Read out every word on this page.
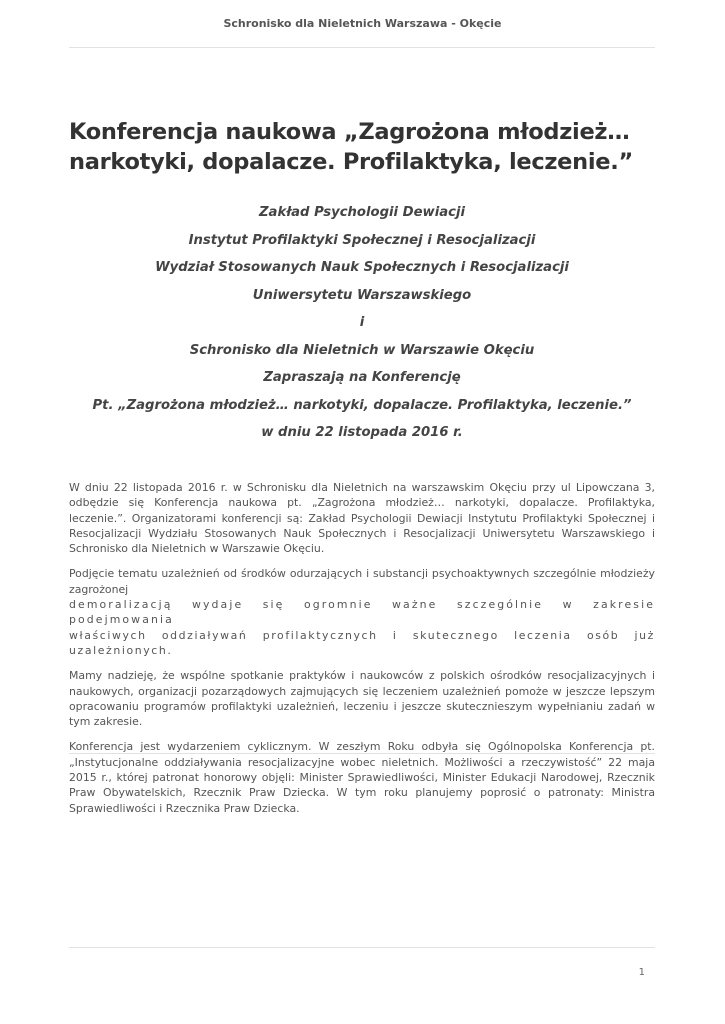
Schronisko dla Nieletnich Warszawa - Okęcie
Konferencja naukowa „Zagrożona młodzież…
narkotyki, dopalacze. Profilaktyka, leczenie.”
Zakład Psychologii Dewiacji
Instytut Profilaktyki Społecznej i Resocjalizacji
Wydział Stosowanych Nauk Społecznych i Resocjalizacji
Uniwersytetu Warszawskiego
i
Schronisko dla Nieletnich w Warszawie Okęciu
Zapraszają na Konferencję
Pt. „Zagrożona młodzież… narkotyki, dopalacze. Profilaktyka, leczenie.”
w dniu 22 listopada 2016 r.

W dniu 22 listopada 2016 r. w Schronisku dla Nieletnich na warszawskim Okęciu przy ul Lipowczana 3, odbędzie się Konferencja naukowa pt. „Zagrożona młodzież… narkotyki, dopalacze. Profilaktyka, leczenie.”. Organizatorami konferencji są: Zakład Psychologii Dewiacji Instytutu Profilaktyki Społecznej i Resocjalizacji Wydziału Stosowanych Nauk Społecznych i Resocjalizacji Uniwersytetu Warszawskiego i Schronisko dla Nieletnich w Warszawie Okęciu.

Podjęcie tematu uzależnień od środków odurzających i substancji psychoaktywnych szczególnie młodzieży zagrożonej

demoralizacją wydaje się ogromnie ważne szczególnie w zakresie podejmowania
właściwych oddziaływań profilaktycznych i skutecznego leczenia osób już uzależnionych.

Mamy nadzieję, że wspólne spotkanie praktyków i naukowców z polskich ośrodków resocjalizacyjnych i naukowych, organizacji pozarządowych zajmujących się leczeniem uzależnień pomoże w jeszcze lepszym opracowaniu programów profilaktyki uzależnień, leczeniu i jeszcze skutecznieszym wypełnianiu zadań w tym zakresie.

Konferencja jest wydarzeniem cyklicznym. W zeszłym Roku odbyła się Ogólnopolska Konferencja pt. „Instytucjonalne oddziaływania resocjalizacyjne wobec nieletnich. Możliwości a rzeczywistość” 22 maja 2015 r., której patronat honorowy objęli: Minister Sprawiedliwości, Minister Edukacji Narodowej, Rzecznik Praw Obywatelskich, Rzecznik Praw Dziecka. W tym roku planujemy poprosić o patronaty: Ministra Sprawiedliwości i Rzecznika Praw Dziecka.

1
